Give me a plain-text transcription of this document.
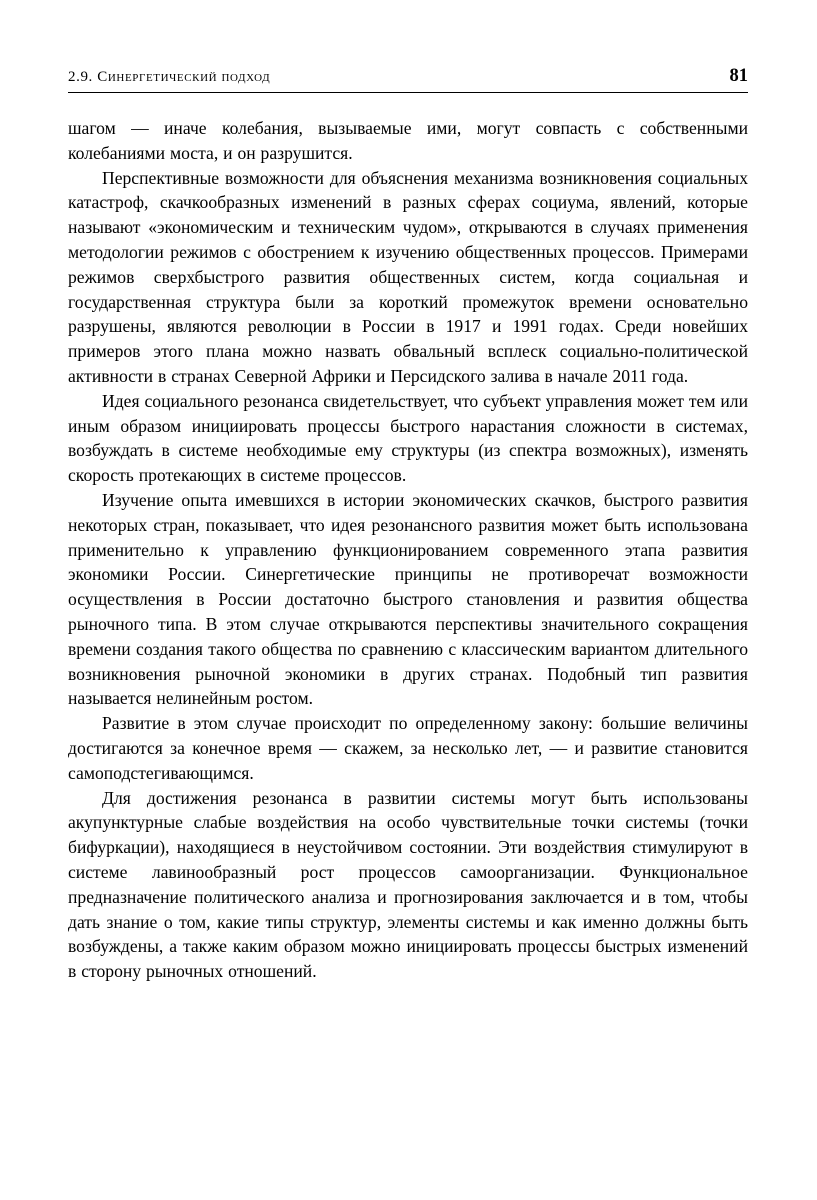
2.9. Синергетический подход	81

шагом — иначе колебания, вызываемые ими, могут совпасть с собственными колебаниями моста, и он разрушится.

Перспективные возможности для объяснения механизма возникновения социальных катастроф, скачкообразных изменений в разных сферах социума, явлений, которые называют «экономическим и техническим чудом», открываются в случаях применения методологии режимов с обострением к изучению общественных процессов. Примерами режимов сверхбыстрого развития общественных систем, когда социальная и государственная структура были за короткий промежуток времени основательно разрушены, являются революции в России в 1917 и 1991 годах. Среди новейших примеров этого плана можно назвать обвальный всплеск социально-политической активности в странах Северной Африки и Персидского залива в начале 2011 года.

Идея социального резонанса свидетельствует, что субъект управления может тем или иным образом инициировать процессы быстрого нарастания сложности в системах, возбуждать в системе необходимые ему структуры (из спектра возможных), изменять скорость протекающих в системе процессов.

Изучение опыта имевшихся в истории экономических скачков, быстрого развития некоторых стран, показывает, что идея резонансного развития может быть использована применительно к управлению функционированием современного этапа развития экономики России. Синергетические принципы не противоречат возможности осуществления в России достаточно быстрого становления и развития общества рыночного типа. В этом случае открываются перспективы значительного сокращения времени создания такого общества по сравнению с классическим вариантом длительного возникновения рыночной экономики в других странах. Подобный тип развития называется нелинейным ростом.

Развитие в этом случае происходит по определенному закону: большие величины достигаются за конечное время — скажем, за несколько лет, — и развитие становится самоподстегивающимся.

Для достижения резонанса в развитии системы могут быть использованы акупунктурные слабые воздействия на особо чувствительные точки системы (точки бифуркации), находящиеся в неустойчивом состоянии. Эти воздействия стимулируют в системе лавинообразный рост процессов самоорганизации. Функциональное предназначение политического анализа и прогнозирования заключается и в том, чтобы дать знание о том, какие типы структур, элементы системы и как именно должны быть возбуждены, а также каким образом можно инициировать процессы быстрых изменений в сторону рыночных отношений.
